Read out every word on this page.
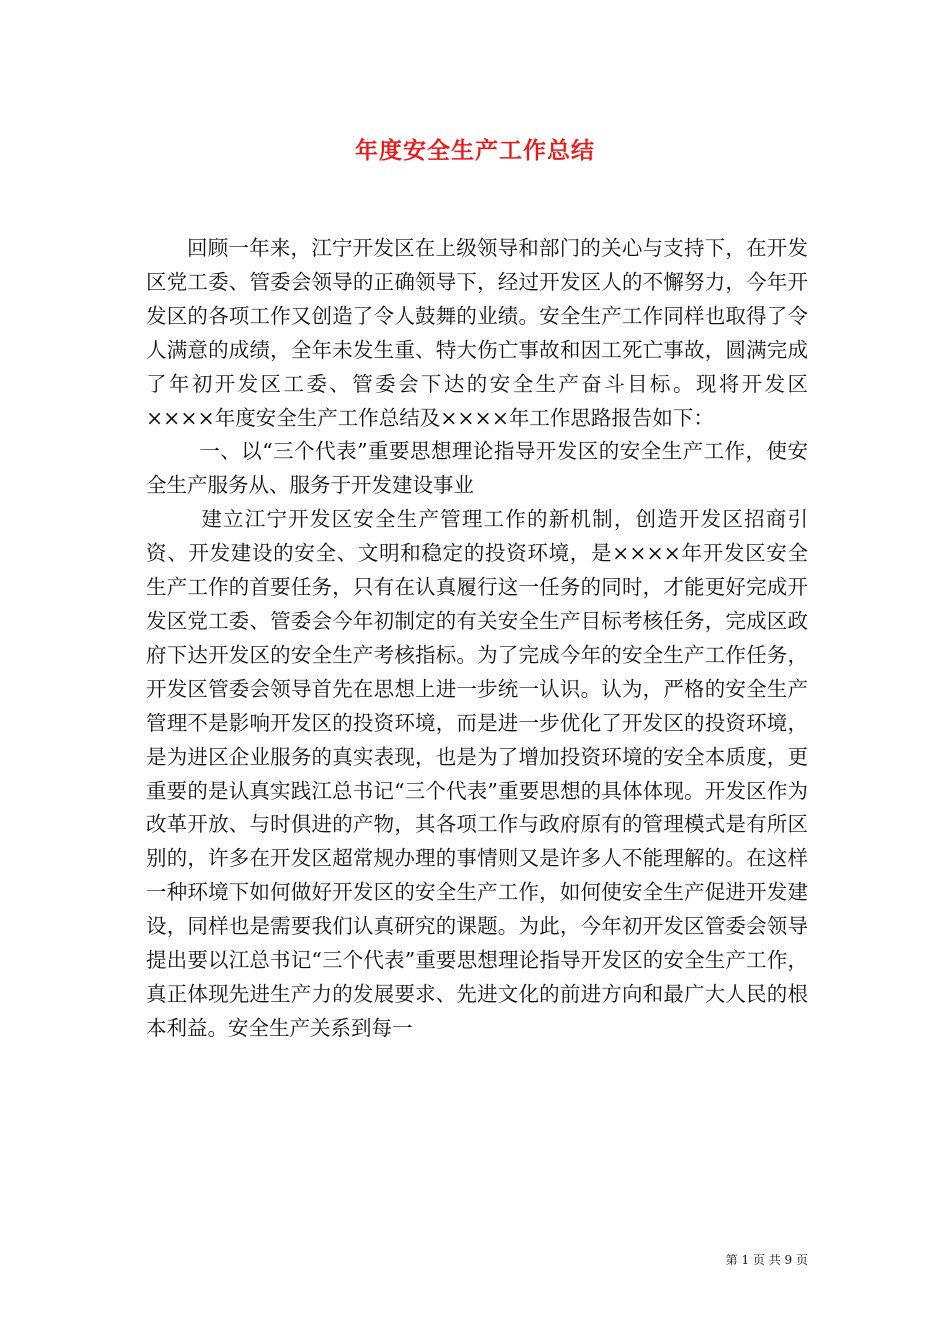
年度安全生产工作总结

回顾一年来，江宁开发区在上级领导和部门的关心与支持下，在开发区党工委、管委会领导的正确领导下，经过开发区人的不懈努力，今年开发区的各项工作又创造了令人鼓舞的业绩。安全生产工作同样也取得了令人满意的成绩，全年未发生重、特大伤亡事故和因工死亡事故，圆满完成了年初开发区工委、管委会下达的安全生产奋斗目标。现将开发区××××年度安全生产工作总结及××××年工作思路报告如下：

一、以“三个代表”重要思想理论指导开发区的安全生产工作，使安全生产服务从、服务于开发建设事业

建立江宁开发区安全生产管理工作的新机制，创造开发区招商引资、开发建设的安全、文明和稳定的投资环境，是××××年开发区安全生产工作的首要任务，只有在认真履行这一任务的同时，才能更好完成开发区党工委、管委会今年初制定的有关安全生产目标考核任务，完成区政府下达开发区的安全生产考核指标。为了完成今年的安全生产工作任务，开发区管委会领导首先在思想上进一步统一认识。认为，严格的安全生产管理不是影响开发区的投资环境，而是进一步优化了开发区的投资环境，是为进区企业服务的真实表现，也是为了增加投资环境的安全本质度，更重要的是认真实践江总书记“三个代表”重要思想的具体体现。开发区作为改革开放、与时俱进的产物，其各项工作与政府原有的管理模式是有所区别的，许多在开发区超常规办理的事情则又是许多人不能理解的。在这样一种环境下如何做好开发区的安全生产工作，如何使安全生产促进开发建设，同样也是需要我们认真研究的课题。为此，今年初开发区管委会领导提出要以江总书记“三个代表”重要思想理论指导开发区的安全生产工作，真正体现先进生产力的发展要求、先进文化的前进方向和最广大人民的根本利益。安全生产关系到每一

第 1 页 共 9 页
